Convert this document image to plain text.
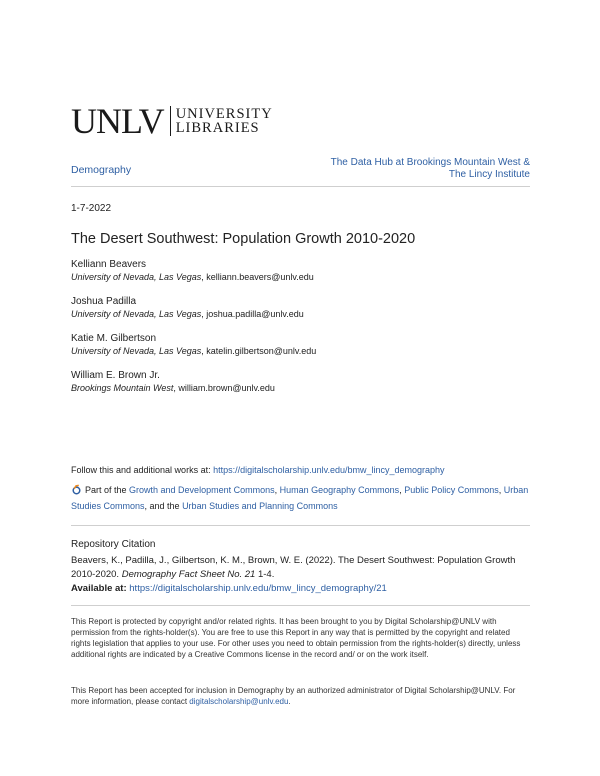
UNLV UNIVERSITY
LIBRARIES
Demography
The Data Hub at Brookings Mountain West &
The Lincy Institute
1-7-2022
The Desert Southwest: Population Growth 2010-2020
Kelliann Beavers
University of Nevada, Las Vegas, kelliann.beavers@unlv.edu
Joshua Padilla
University of Nevada, Las Vegas, joshua.padilla@unlv.edu
Katie M. Gilbertson
University of Nevada, Las Vegas, katelin.gilbertson@unlv.edu
William E. Brown Jr.
Brookings Mountain West, william.brown@unlv.edu
Follow this and additional works at: https://digitalscholarship.unlv.edu/bmw_lincy_demography
Part of the Growth and Development Commons, Human Geography Commons, Public Policy Commons, Urban Studies Commons, and the Urban Studies and Planning Commons
Repository Citation
Beavers, K., Padilla, J., Gilbertson, K. M., Brown, W. E. (2022). The Desert Southwest: Population Growth 2010-2020. Demography Fact Sheet No. 21 1-4.
Available at: https://digitalscholarship.unlv.edu/bmw_lincy_demography/21
This Report is protected by copyright and/or related rights. It has been brought to you by Digital Scholarship@UNLV with permission from the rights-holder(s). You are free to use this Report in any way that is permitted by the copyright and related rights legislation that applies to your use. For other uses you need to obtain permission from the rights-holder(s) directly, unless additional rights are indicated by a Creative Commons license in the record and/ or on the work itself.
This Report has been accepted for inclusion in Demography by an authorized administrator of Digital Scholarship@UNLV. For more information, please contact digitalscholarship@unlv.edu.
